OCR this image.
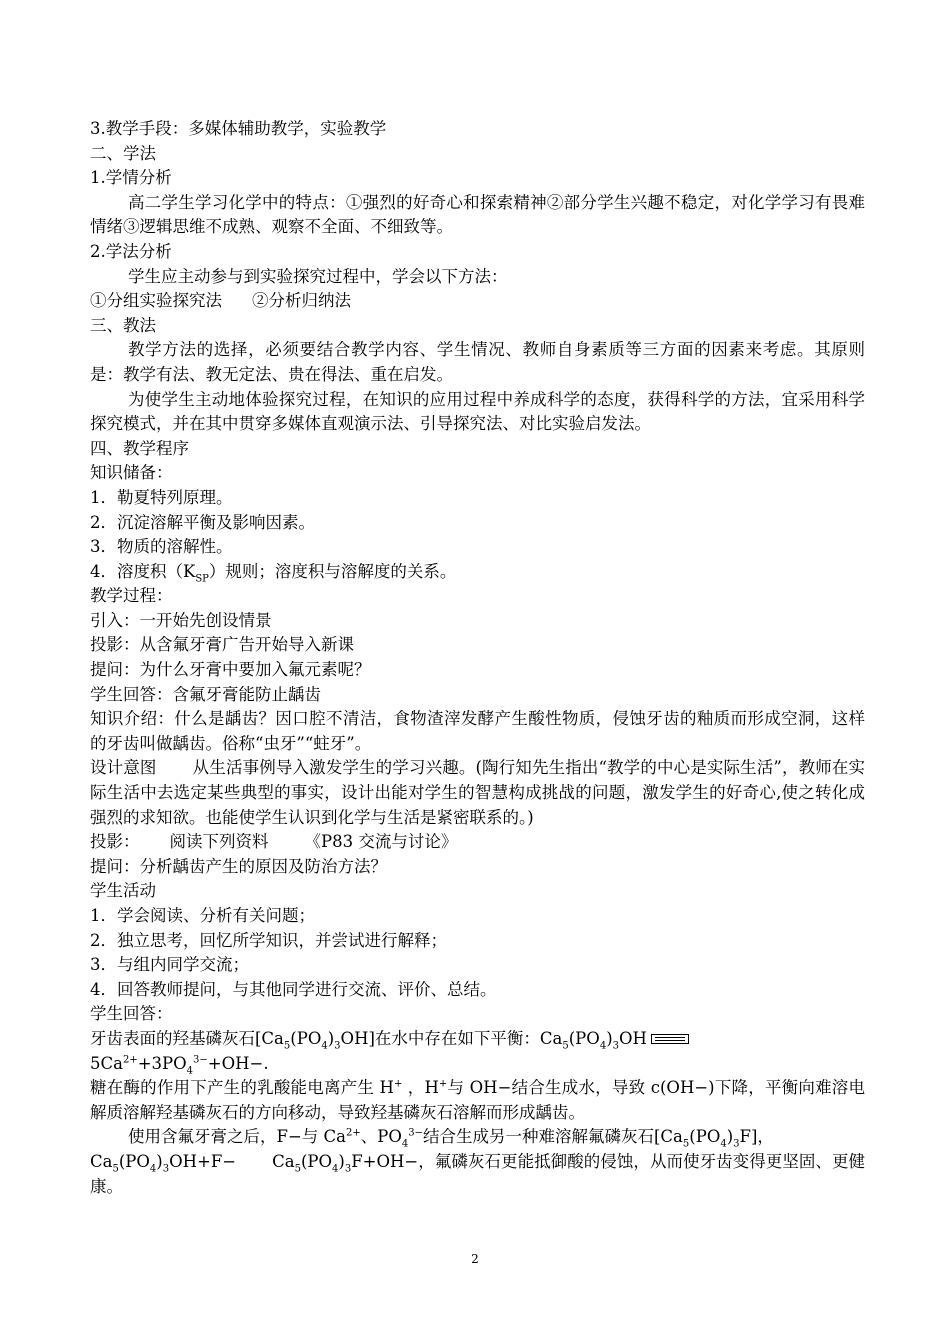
3.教学手段：多媒体辅助教学，实验教学
二、学法
1.学情分析
高二学生学习化学中的特点：①强烈的好奇心和探索精神②部分学生兴趣不稳定，对化学学习有畏难情绪③逻辑思维不成熟、观察不全面、不细致等。
2.学法分析
学生应主动参与到实验探究过程中，学会以下方法：
①分组实验探究法 ②分析归纳法
三、教法
教学方法的选择，必须要结合教学内容、学生情况、教师自身素质等三方面的因素来考虑。其原则是：教学有法、教无定法、贵在得法、重在启发。
为使学生主动地体验探究过程，在知识的应用过程中养成科学的态度，获得科学的方法，宜采用科学探究模式，并在其中贯穿多媒体直观演示法、引导探究法、对比实验启发法。
四、教学程序
知识储备：
1．勒夏特列原理。
2．沉淀溶解平衡及影响因素。
3．物质的溶解性。
4．溶度积$(K_{SP})$规则；溶度积与溶解度的关系。
教学过程：
引入：一开始先创设情景
投影：从含氟牙膏广告开始导入新课
提问：为什么牙膏中要加入氟元素呢？
学生回答：含氟牙膏能防止龋齿
知识介绍：什么是龋齿？因口腔不清洁，食物渣滓发酵产生酸性物质，侵蚀牙齿的釉质而形成空洞，这样的牙齿叫做龋齿。俗称“虫牙”“蛀牙”。
设计意图 从生活事例导入激发学生的学习兴趣。(陶行知先生指出“教学的中心是实际生活”，教师在实际生活中去选定某些典型的事实，设计出能对学生的智慧构成挑战的问题，激发学生的好奇心,使之转化成强烈的求知欲。也能使学生认识到化学与生活是紧密联系的。)
投影： 阅读下列资料 《P83 交流与讨论》
提问：分析龋齿产生的原因及防治方法？
学生活动
1．学会阅读、分析有关问题；
2．独立思考，回忆所学知识，并尝试进行解释；
3．与组内同学交流；
4．回答教师提问，与其他同学进行交流、评价、总结。
学生回答：
牙齿表面的羟基磷灰石$[Ca_5(PO_4)_3OH]$在水中存在如下平衡：$Ca_5(PO_4)_3OH$
$5Ca^{2+}+3PO_4^{3-}+OH-$.
糖在酶的作用下产生的乳酸能电离产生 H+ ，H+与 OH−结合生成水，导致 c(OH−)下降，平衡向难溶电解质溶解羟基磷灰石的方向移动，导致羟基磷灰石溶解而形成龋齿。
使用含氟牙膏之后，F−与 $Ca^{2+}$、$PO_4^{3-}$结合生成另一种难溶解氟磷灰石$[Ca_5(PO_4)_3F]$，
$Ca_5(PO_4)_3OH+F- Ca_5(PO_4)_3F+OH-$，氟磷灰石更能抵御酸的侵蚀，从而使牙齿变得更坚固、更健康。
2
